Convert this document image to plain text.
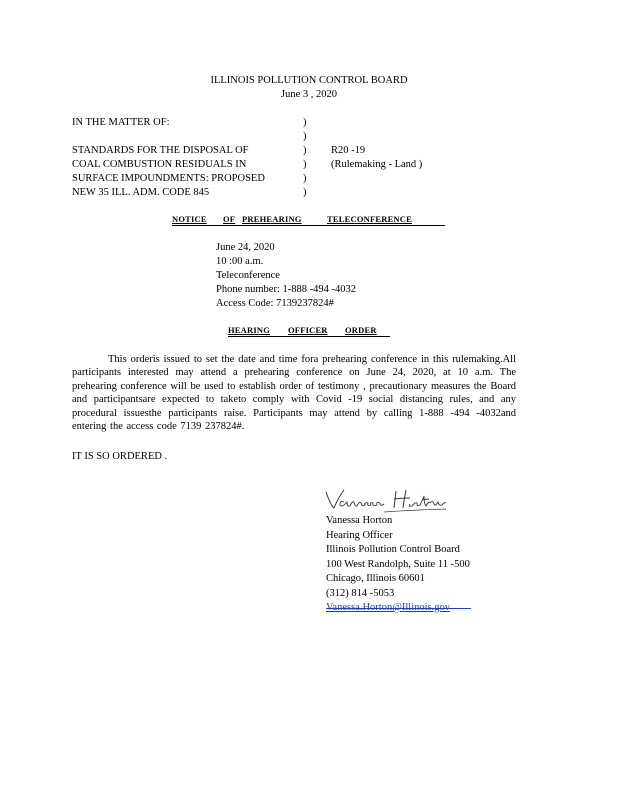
ILLINOIS POLLUTION CONTROL BOARD
June 3 , 2020
IN THE MATTER OF:
STANDARDS FOR THE DISPOSAL OF
COAL COMBUSTION RESIDUALS IN
SURFACE IMPOUNDMENTS: PROPOSED
NEW 35 ILL. ADM. CODE 845
)
)
)
)
)
)
R20 -19
(Rulemaking - Land )
NOTICE OF PREHEARING	TELECONFERENCE
June 24, 2020
10 :00 a.m.
Teleconference
Phone number: 1-888 -494 -4032
Access Code: 7139237824#
HEARING OFFICER ORDER
This orderis issued to set the date and time fora prehearing conference in this rulemaking.All participants interested may attend a prehearing conference on June 24, 2020, at 10 a.m. The prehearing conference will be used to establish order of testimony , precautionary measures the Board and participantsare expected to taketo comply with Covid -19 social distancing rules, and any procedural issuesthe participants raise. Participants may attend by calling 1-888 -494 -4032and entering the access code 7139 237824#.
IT IS SO ORDERED .
Vanessa Horton
Hearing Officer
Illinois Pollution Control Board
100 West Randolph, Suite 11 -500
Chicago, Illinois 60601
(312) 814 -5053
